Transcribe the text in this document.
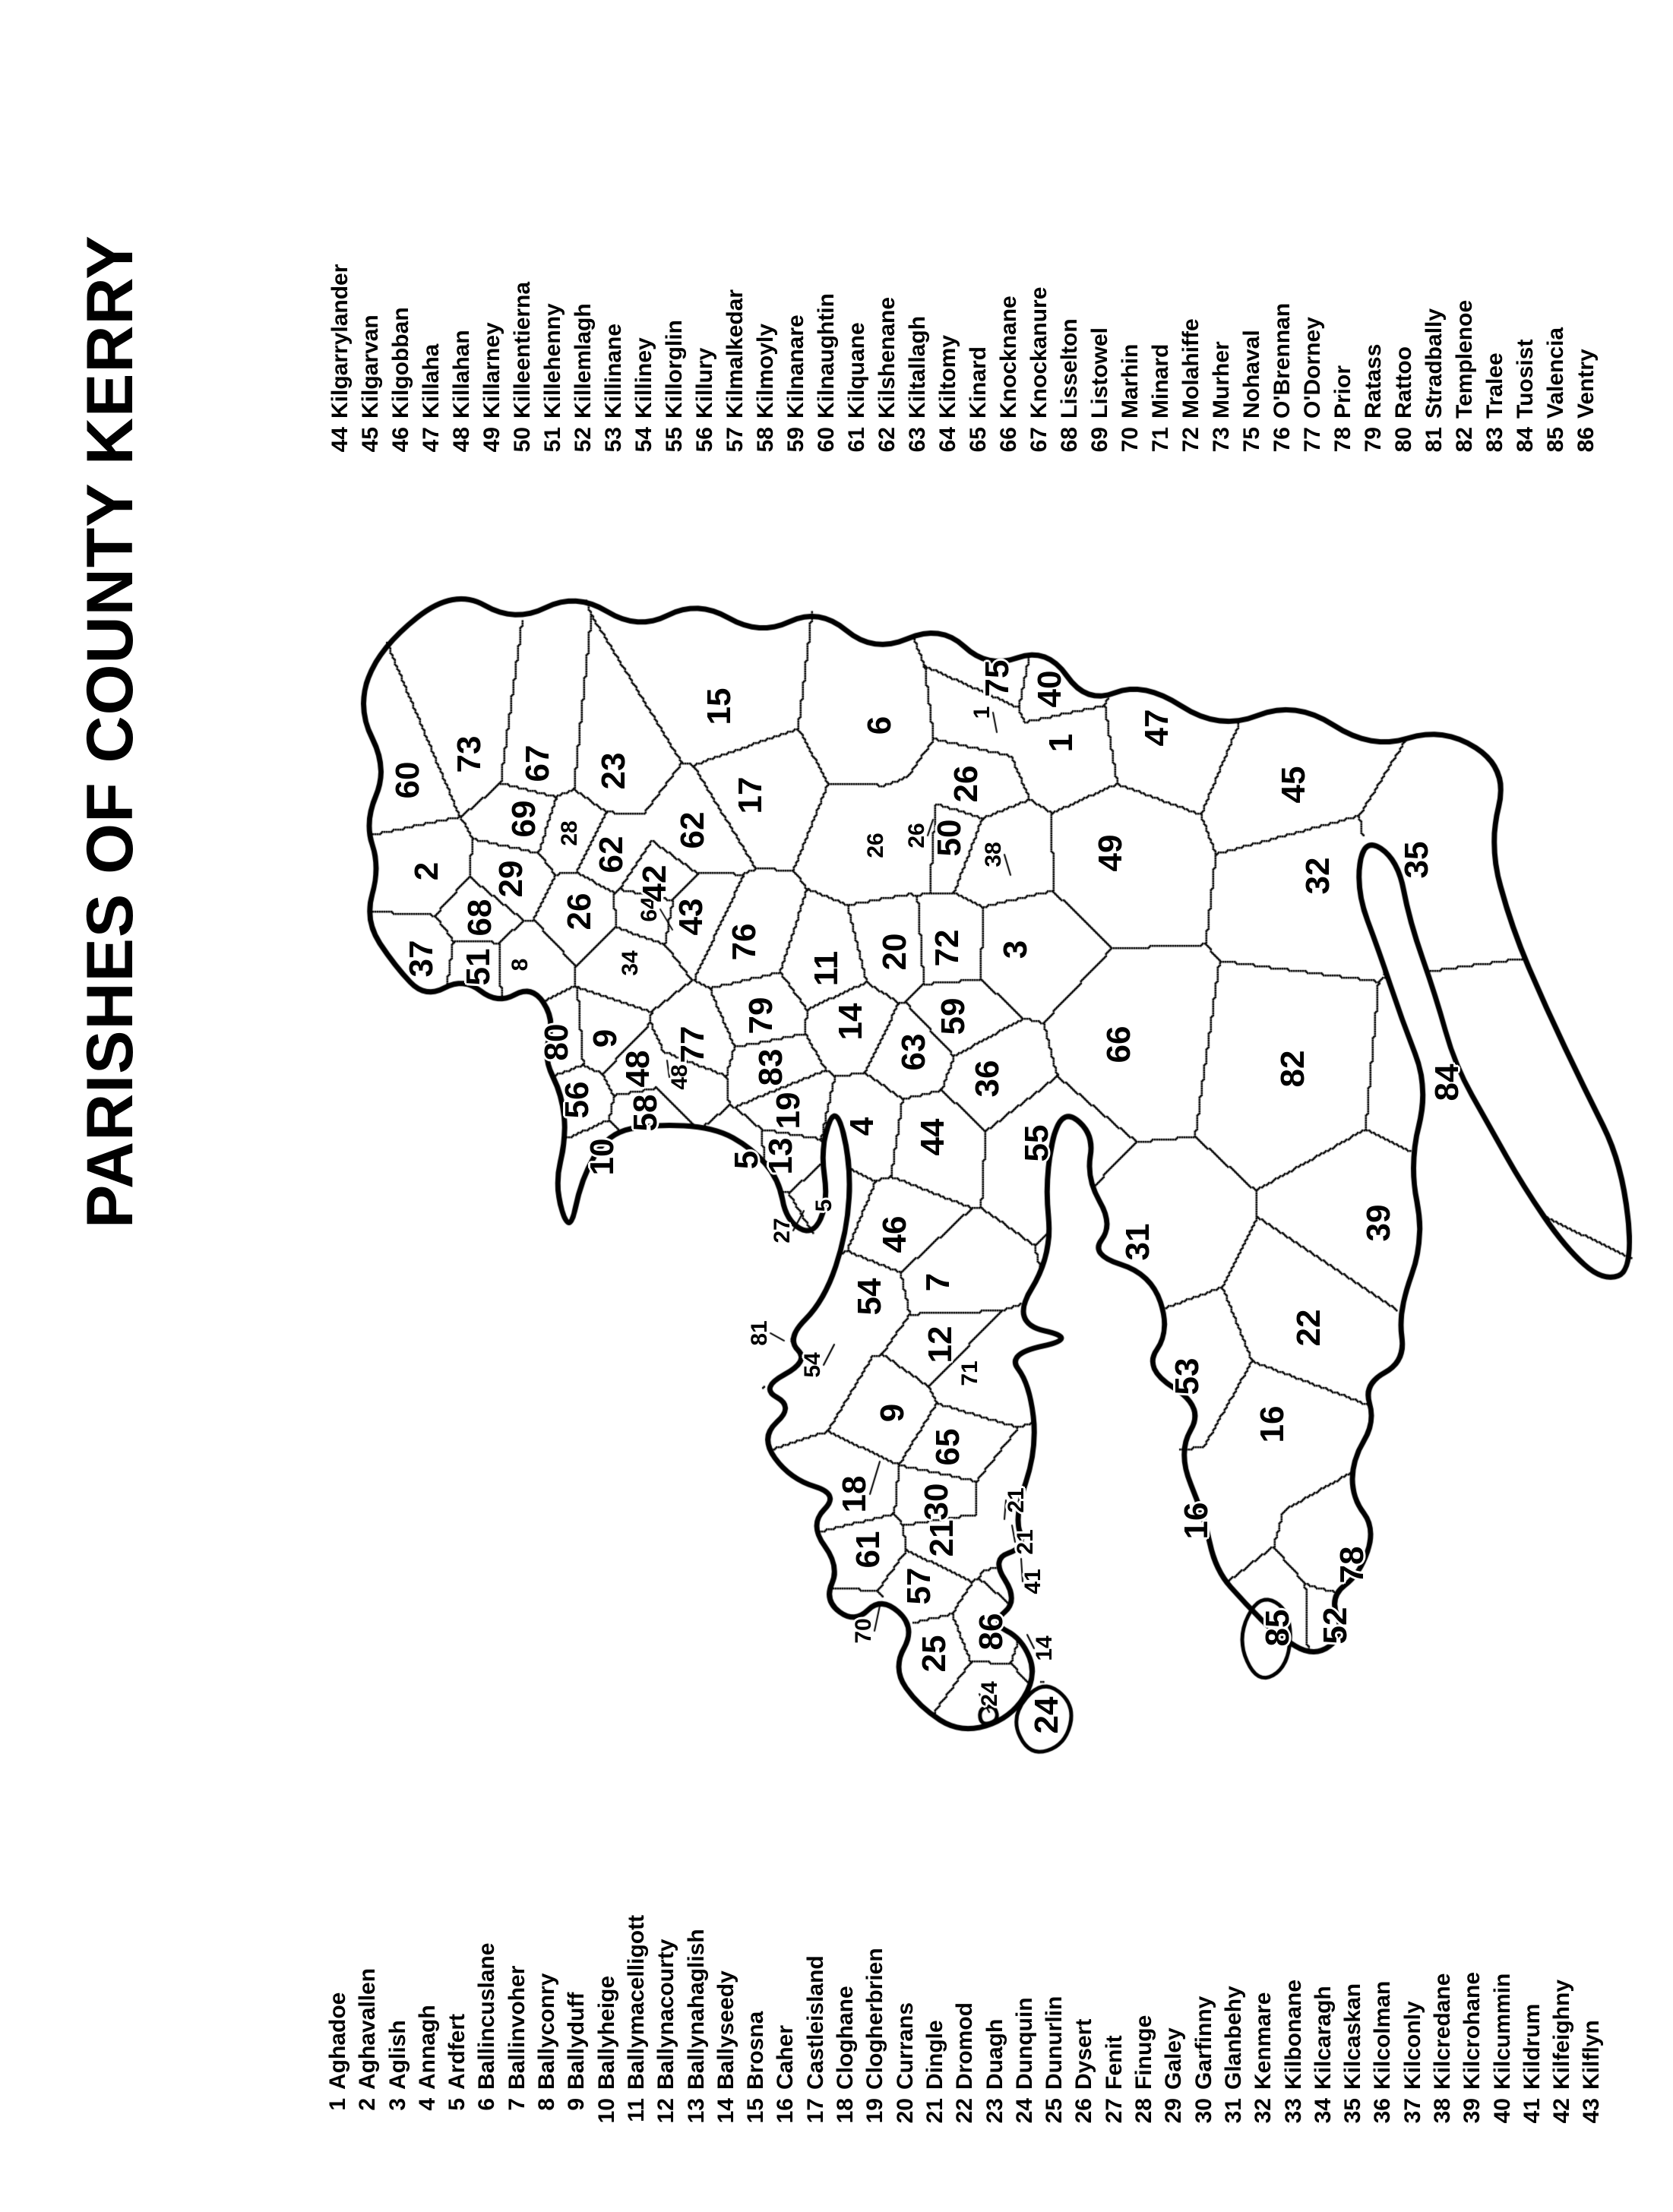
60
73 67 23
15
17
2
37 51 8
68
29
69 28
62
62
26
80
64
42
34
43
76
77
48 48
56 58
9
10	5
13
19
83
79
11
14
20 72
59
63
36
3
44
4
46
5
27
57
6
75
1
40
47
1
26
26 26 50 38	49
66
55
31
53
22
16
16
78
52
85
39
82	84
45
32 35
7
12
54
54	71
65
9
30
21
21
21
41
18
81
61
70
25
86 14
24
24
PARISHES OF COUNTY KERRY
1Aghadoe
2Aghavallen
3Aglish
4Annagh
5Ardfert
6Ballincuslane
7Ballinvoher
8Ballyconry
9Ballyduff
10Ballyheige
11Ballymacelligott
12Ballynacourty
13Ballynahaglish
14Ballyseedy
15Brosna
16Caher
17Castleisland
18Cloghane
19Clogherbrien
20Currans
21Dingle
22Dromod
23Duagh
24Dunquin
25Dunurlin
26Dysert
27Fenit
28Finuge
29Galey
30Garfinny
31Glanbehy
32Kenmare
33Kilbonane
34Kilcaragh
35Kilcaskan
36Kilcolman
37Kilconly
38Kilcredane
39Kilcrohane
40Kilcummin
41Kildrum
42Kilfeighny
43Kilflyn
44Kilgarrylander
45Kilgarvan
46Kilgobban
47Killaha
48Killahan
49Killarney
50Killeentierna
51Killehenny
52Killemlagh
53Killinane
54Killiney
55Killorglin
56Killury
57Kilmalkedar
58Kilmoyly
59Kilnanare
60Kilnaughtin
61Kilquane
62Kilshenane
63Kiltallagh
64Kiltomy
65Kinard
66Knocknane
67Knockanure
68Lisselton
69Listowel
70Marhin
71Minard
72Molahiffe
73Murher
75Nohaval
76O'Brennan
77O'Dorney
78Prior
79Ratass
80Rattoo
81Stradbally
82Templenoe
83Tralee
84Tuosist
85Valencia
86Ventry
